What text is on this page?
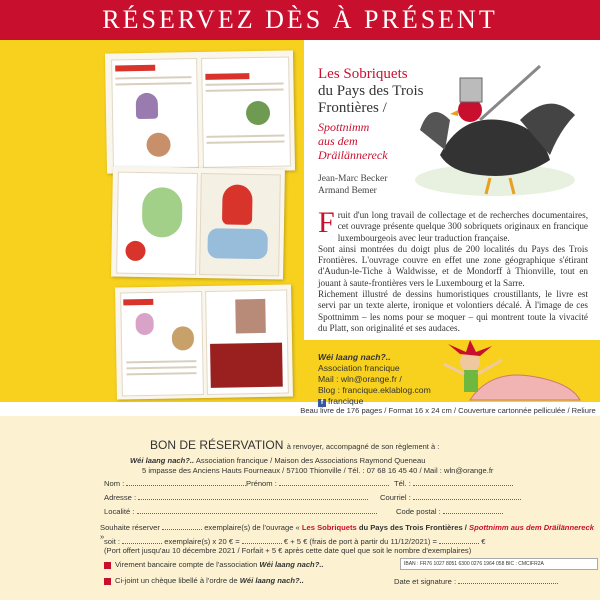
RÉSERVEZ DÈS À PRÉSENT
Les Sobriquets
du Pays des Trois
Frontières /
Spottnimm
aus dem
Dräilännereck
Jean-Marc Becker
Armand Bemer
F ruit d'un long travail de collectage et de recherches documentaires, cet ouvrage présente quelque 300 sobriquets originaux en francique luxembourgeois avec leur traduction française.
Sont ainsi montrées du doigt plus de 200 localités du Pays des Trois Frontières. L'ouvrage couvre en effet une zone géographique s'étirant d'Audun-le-Tiche à Waldwisse, et de Mondorff à Thionville, tout en jouant à saute-frontières vers le Luxembourg et la Sarre.
Richement illustré de dessins humoristiques croustillants, le livre est servi par un texte alerte, ironique et volontiers décalé. À l'image de ces Spottnimm – les noms pour se moquer – qui montrent toute la vivacité du Platt, son originalité et ses audaces.
Wéi laang nach?..
Association francique
Mail : wln@orange.fr /
Blog : francique.eklablog.com
f francique
Beau livre de 176 pages / Format 16 x 24 cm / Couverture cartonnée pelliculée / Reliure
BON DE RÉSERVATION à renvoyer, accompagné de son règlement à :
Wéi laang nach?.. Association francique / Maison des Associations Raymond Queneau
5 impasse des Anciens Hauts Fourneaux / 57100 Thionville / Tél. : 07 68 16 45 40 / Mail : wln@orange.fr
Nom :	Prénom :	Tél. :
Adresse :	Courriel :
Localité :	Code postal :
Souhaite réserver	exemplaire(s) de l'ouvrage « Les Sobriquets du Pays des Trois Frontières / Spottnimm aus dem Dräilännereck »
soit :	exemplaire(s) x 20 € =	€ + 5 € (frais de port à partir du 11/12/2021) =	€
(Port offert jusqu'au 10 décembre 2021 / Forfait + 5 € après cette date quel que soit le nombre d'exemplaires)
Virement bancaire compte de l'association Wéi laang nach?..	IBAN : FR76 1027 8051 6300 0276 1964 058 BIC : CMCIFR2A
Ci-joint un chèque libellé à l'ordre de Wéi laang nach?..	Date et signature :
